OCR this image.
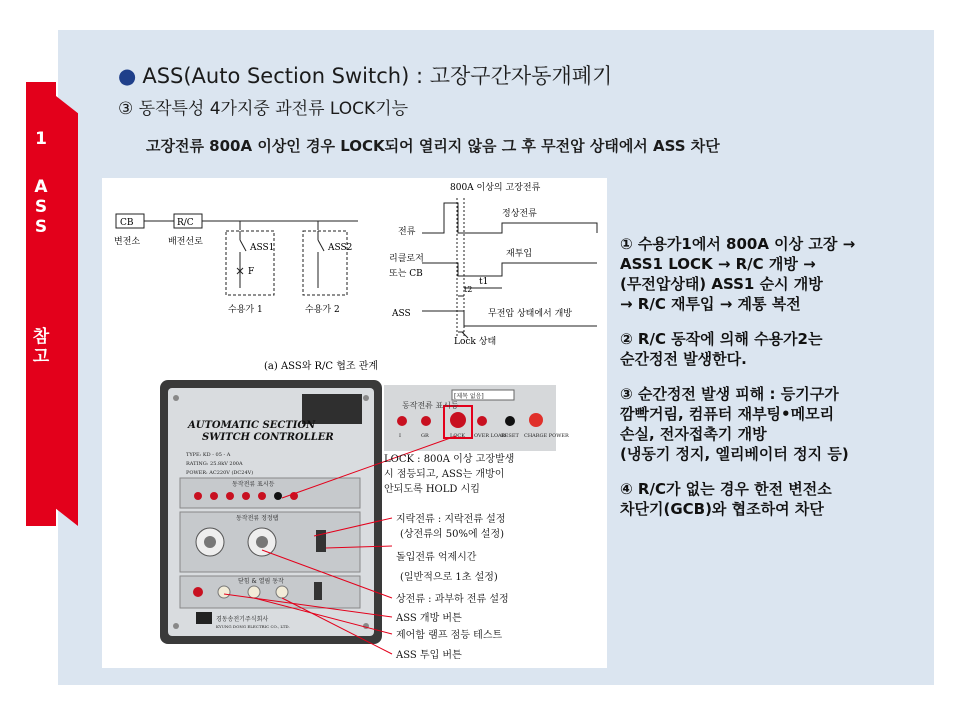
1
A
S
S
참
고
● ASS(Auto Section Switch) : 고장구간자동개폐기
③ 동작특성 4가지중 과전류 LOCK기능
고장전류 800A 이상인 경우 LOCK되어 열리지 않음 그 후 무전압 상태에서 ASS 차단
CB	R/C
변전소	배전선로
ASS1	ASS2
F
수용가 1	수용가 2
(a) ASS와 R/C 협조 관계
800A 이상의 고장전류
정상전류
전류
리클로저
또는 CB
재투입
t1
t2
ASS	무전압 상태에서 개방
Lock 상태
AUTOMATIC SECTION
SWITCH CONTROLLER
TYPE: KD - 05 - A
RATING: 25.8kV 200A
POWER: AC220V (DC24V)
동작전류 표시등
동작전류 정정탭
닫힘 & 열림 동작
경동송전기주식회사
KYUNG DONG ELECTRIC CO., LTD.
[제목 없음]
동작전류 표시등
I	GR	LOCK OVER LOAD
RESET CHARGE POWER
LOCK : 800A 이상 고장발생
시 점등되고, ASS는 개방이
안되도록 HOLD 시킴
지락전류 : 지락전류 설정
(상전류의 50%에 설정)
돌입전류 억제시간
(일반적으로 1초 설정)
상전류 : 과부하 전류 설정
ASS 개방 버튼
제어함 램프 점등 테스트
ASS 투입 버튼
① 수용가1에서 800A 이상 고장 →
ASS1 LOCK → R/C 개방 →
(무전압상태) ASS1 순시 개방
→ R/C 재투입 → 계통 복전
② R/C 동작에 의해 수용가2는
순간정전 발생한다.
③ 순간정전 발생 피해 : 등기구가
깜빡거림, 컴퓨터 재부팅•메모리
손실, 전자접촉기 개방
(냉동기 정지, 엘리베이터 정지 등)
④ R/C가 없는 경우 한전 변전소
차단기(GCB)와 협조하여 차단
